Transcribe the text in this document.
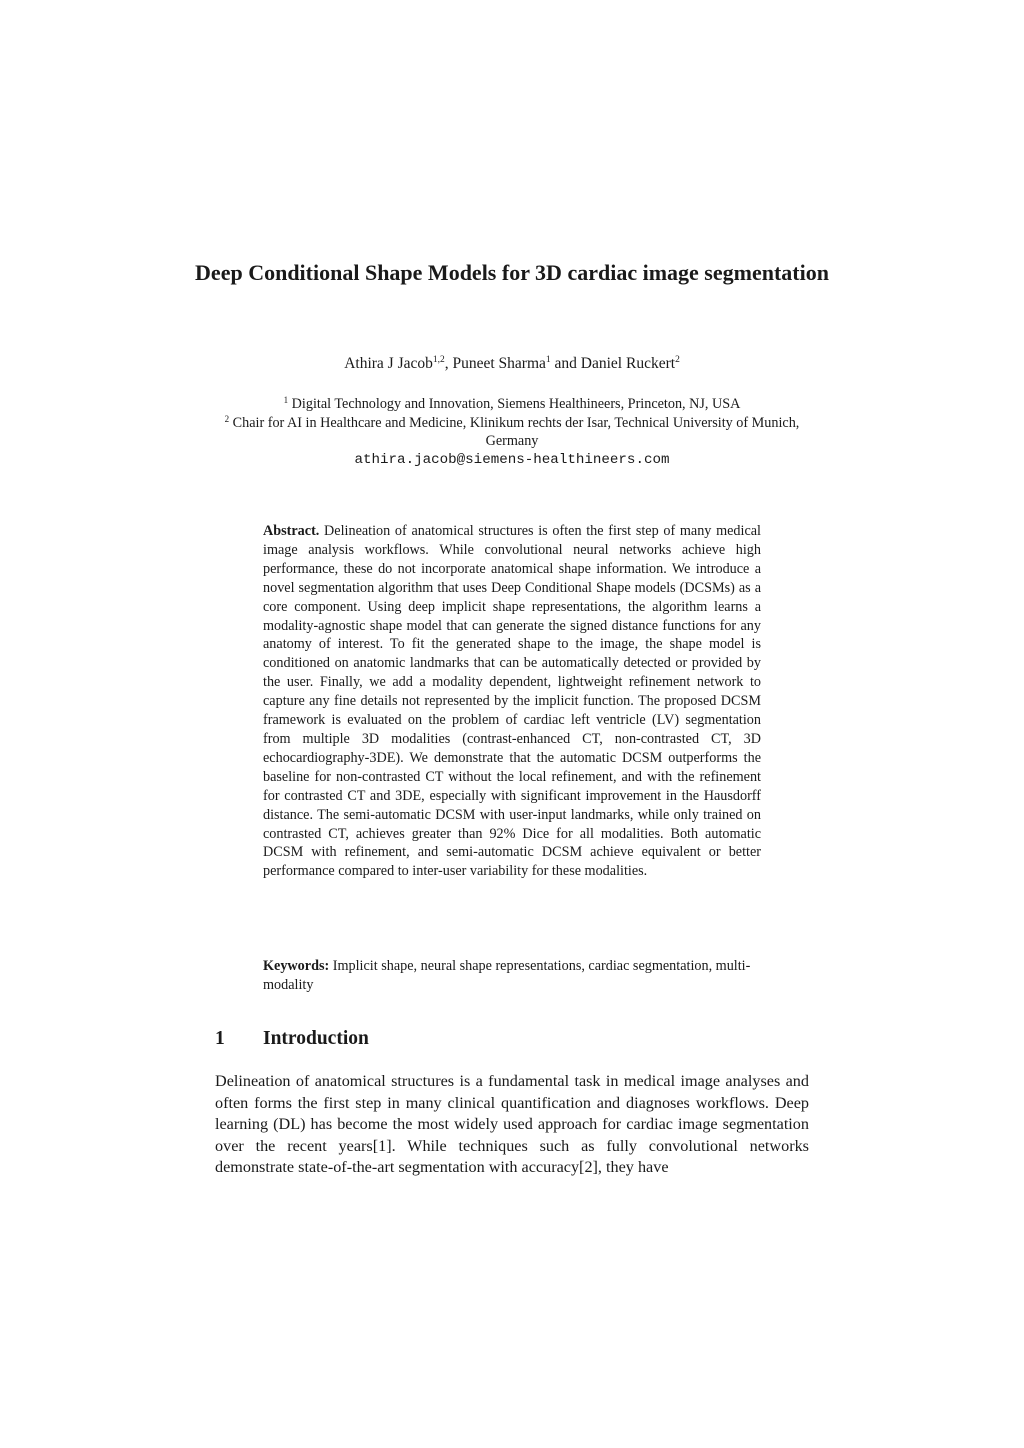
Deep Conditional Shape Models for 3D cardiac image segmentation
Athira J Jacob$^{1,2}$, Puneet Sharma$^1$ and Daniel Ruckert$^2$
$^1$ Digital Technology and Innovation, Siemens Healthineers, Princeton, NJ, USA
$^2$ Chair for AI in Healthcare and Medicine, Klinikum rechts der Isar, Technical University of Munich, Germany
athira.jacob@siemens-healthineers.com

Abstract. Delineation of anatomical structures is often the first step of many medical image analysis workflows. While convolutional neural networks achieve high performance, these do not incorporate anatomical shape information. We introduce a novel segmentation algorithm that uses Deep Conditional Shape models (DCSMs) as a core component. Using deep implicit shape representations, the algorithm learns a modality-agnostic shape model that can generate the signed distance functions for any anatomy of interest. To fit the generated shape to the image, the shape model is conditioned on anatomic landmarks that can be automatically detected or provided by the user. Finally, we add a modality dependent, lightweight refinement network to capture any fine details not represented by the implicit function. The proposed DCSM framework is evaluated on the problem of cardiac left ventricle (LV) segmentation from multiple 3D modalities (contrast-enhanced CT, non-contrasted CT, 3D echocardiography-3DE). We demonstrate that the automatic DCSM outperforms the baseline for non-contrasted CT without the local refinement, and with the refinement for contrasted CT and 3DE, especially with significant improvement in the Hausdorff distance. The semi-automatic DCSM with user-input landmarks, while only trained on contrasted CT, achieves greater than 92% Dice for all modalities. Both automatic DCSM with refinement, and semi-automatic DCSM achieve equivalent or better performance compared to inter-user variability for these modalities.

Keywords: Implicit shape, neural shape representations, cardiac segmentation, multi-modality

1 Introduction

Delineation of anatomical structures is a fundamental task in medical image analyses and often forms the first step in many clinical quantification and diagnoses workflows. Deep learning (DL) has become the most widely used approach for cardiac image segmentation over the recent years[1]. While techniques such as fully convolutional networks demonstrate state-of-the-art segmentation with accuracy[2], they have
